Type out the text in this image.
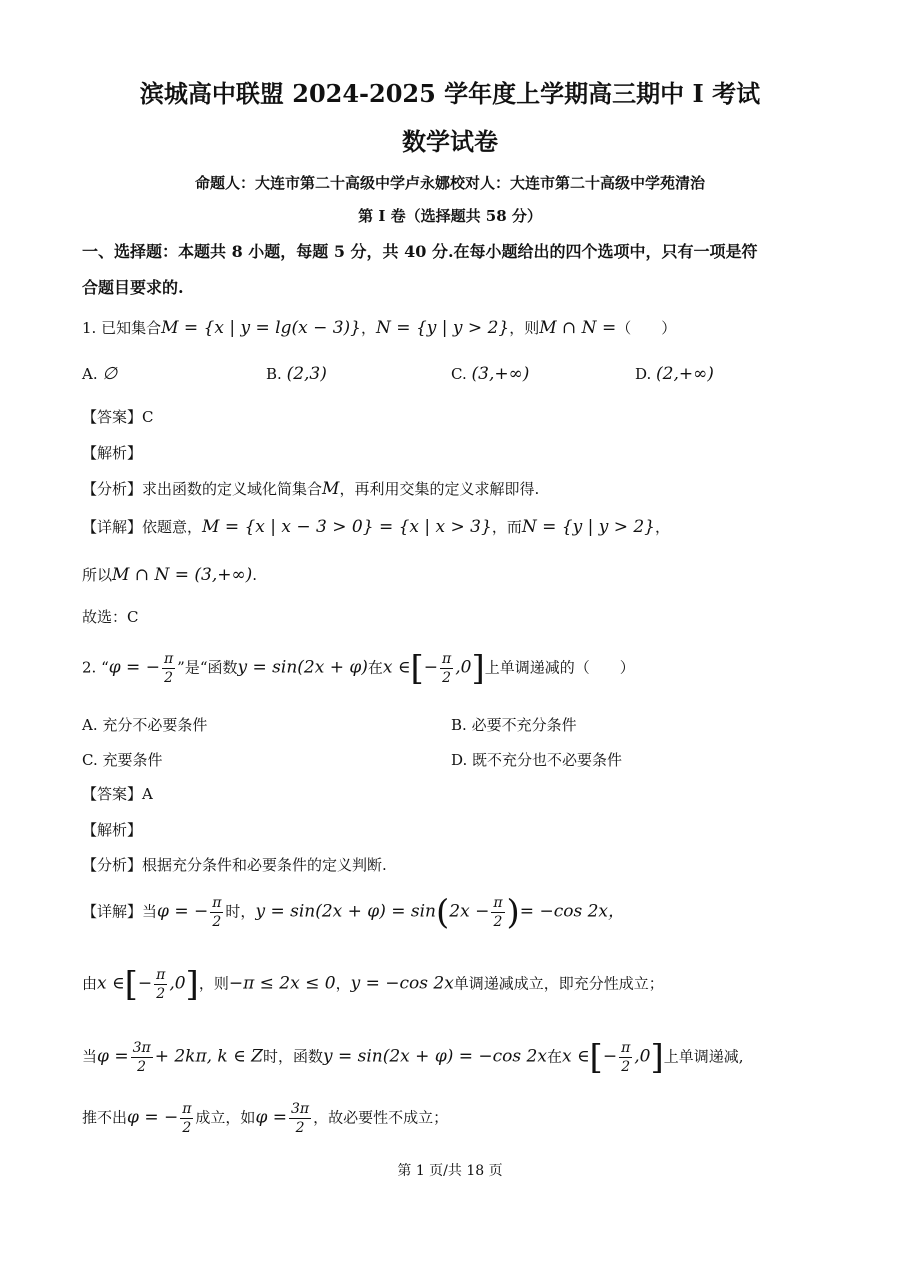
滨城高中联盟 2024-2025 学年度上学期高三期中 I 考试
数学试卷
命题人：大连市第二十高级中学卢永娜校对人：大连市第二十高级中学苑清治
第 I 卷（选择题共 58 分）
一、选择题：本题共 8 小题，每题 5 分，共 40 分.在每小题给出的四个选项中，只有一项是符
合题目要求的.
1. 已知集合M = {x | y = lg(x − 3)}，N = {y | y > 2}，则M ∩ N =（　　）
A. ∅	B. (2,3)	C. (3,+∞)	D. (2,+∞)
【答案】C
【解析】
【分析】求出函数的定义域化简集合M，再利用交集的定义求解即得.
【详解】依题意，M = {x | x − 3 > 0} = {x | x > 3}，而N = {y | y > 2}，
所以M ∩ N = (3,+∞).
故选：C
2. “φ = − $\frac{\pi}{2}$ ”是“函数y = sin(2x + φ)在x ∈[− $\frac{\pi}{2} ,0$]上单调递减的（　　）
A. 充分不必要条件	B. 必要不充分条件
C. 充要条件	D. 既不充分也不必要条件
【答案】A
【解析】
【分析】根据充分条件和必要条件的定义判断.
【详解】当φ = − $\frac{\pi}{2}$ 时，$y = \sin(2x + \varphi) = \sin(2x - \frac{\pi}{2}$ )= −cos 2x，
由x ∈[− $\frac{\pi}{2} ,0$]，则−π ≤ 2x ≤ 0，y = −cos 2x单调递减成立，即充分性成立；
当$\varphi = \frac{3\pi}{2} + 2k\pi$, k ∈ Z时，函数y = sin(2x + φ) = −cos 2x在x ∈[− $\frac{\pi}{2} ,0$]上单调递减,
推不出φ = − $\frac{\pi}{2}$ 成立，如$\varphi = \frac{3\pi}{2}$ ，故必要性不成立；
第 1 页/共 18 页
